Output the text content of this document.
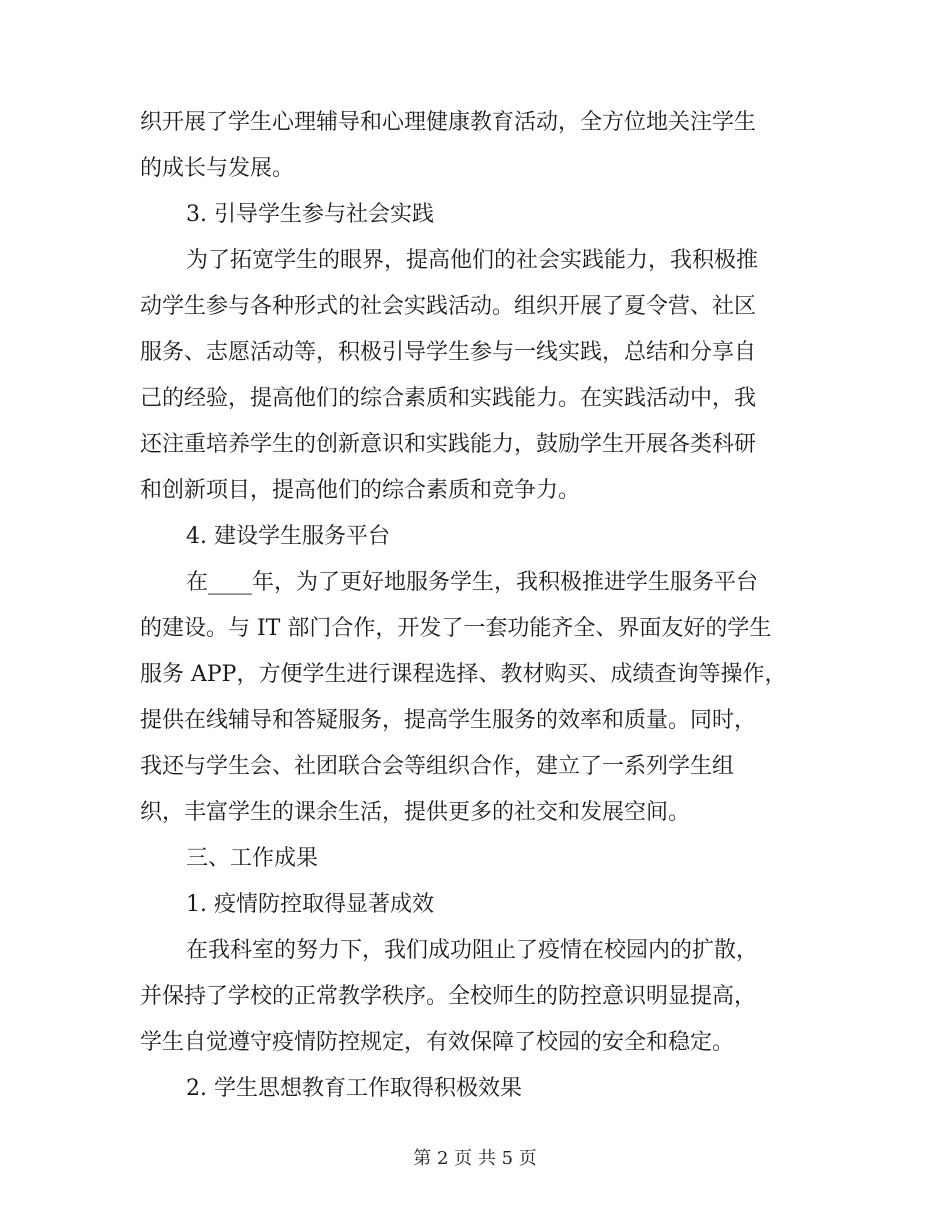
织开展了学生心理辅导和心理健康教育活动，全方位地关注学生
的成长与发展。
3. 引导学生参与社会实践
为了拓宽学生的眼界，提高他们的社会实践能力，我积极推
动学生参与各种形式的社会实践活动。组织开展了夏令营、社区
服务、志愿活动等，积极引导学生参与一线实践，总结和分享自
己的经验，提高他们的综合素质和实践能力。在实践活动中，我
还注重培养学生的创新意识和实践能力，鼓励学生开展各类科研
和创新项目，提高他们的综合素质和竞争力。
4. 建设学生服务平台
在____年，为了更好地服务学生，我积极推进学生服务平台
的建设。与 IT 部门合作，开发了一套功能齐全、界面友好的学生
服务 APP，方便学生进行课程选择、教材购买、成绩查询等操作，
提供在线辅导和答疑服务，提高学生服务的效率和质量。同时，
我还与学生会、社团联合会等组织合作，建立了一系列学生组
织，丰富学生的课余生活，提供更多的社交和发展空间。
三、工作成果
1. 疫情防控取得显著成效
在我科室的努力下，我们成功阻止了疫情在校园内的扩散，
并保持了学校的正常教学秩序。全校师生的防控意识明显提高，
学生自觉遵守疫情防控规定，有效保障了校园的安全和稳定。
2. 学生思想教育工作取得积极效果
第 2 页 共 5 页
